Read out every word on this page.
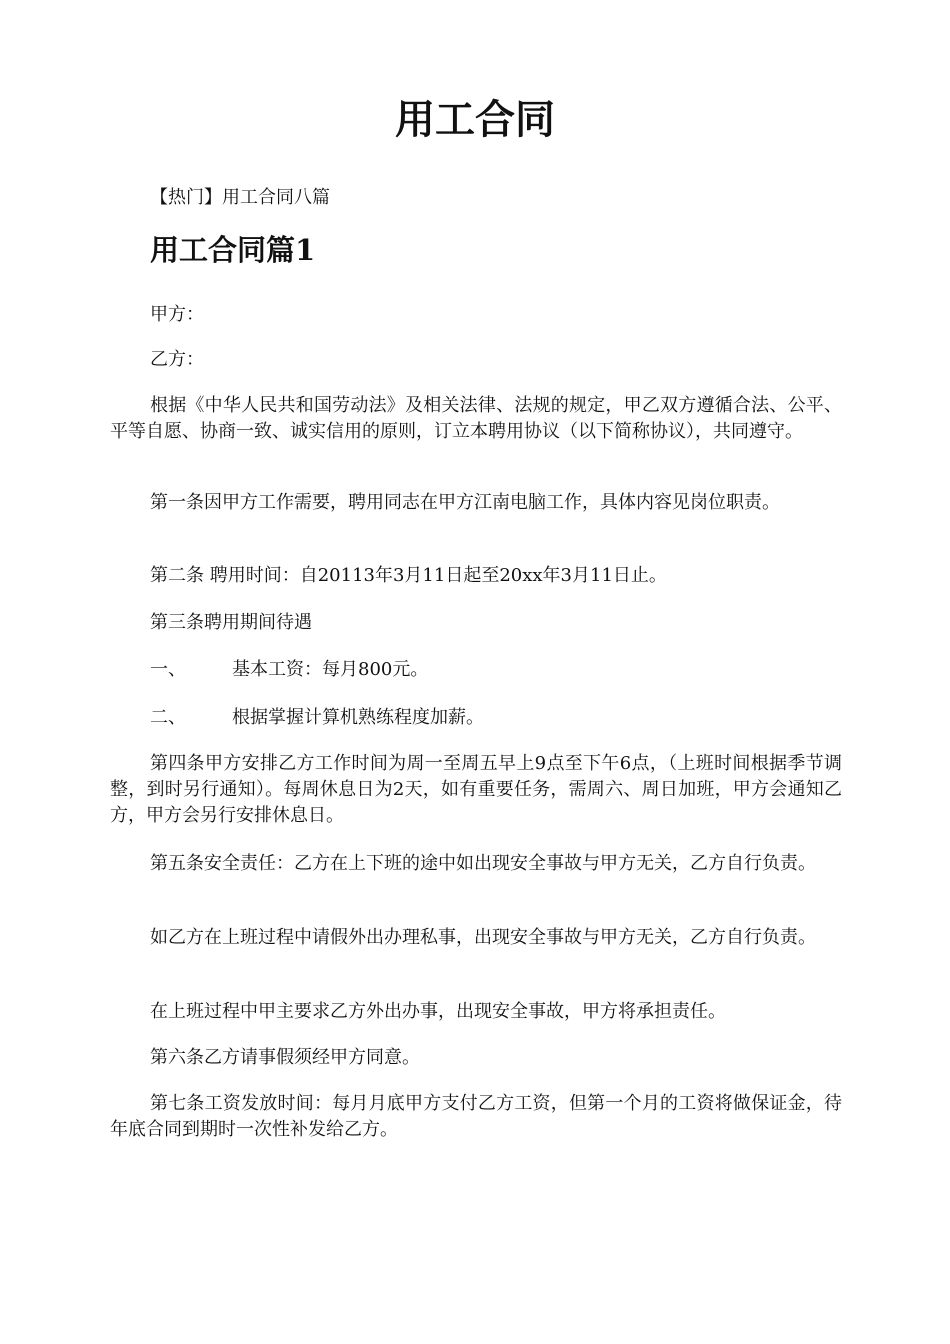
用工合同

【热门】用工合同八篇

用工合同篇1

甲方：

乙方：

根据《中华人民共和国劳动法》及相关法律、法规的规定，甲乙双方遵循合法、公平、平等自愿、协商一致、诚实信用的原则，订立本聘用协议（以下简称协议），共同遵守。

第一条因甲方工作需要，聘用同志在甲方江南电脑工作，具体内容见岗位职责。

第二条 聘用时间：自20113年3月11日起至20xx年3月11日止。

第三条聘用期间待遇

一、	基本工资：每月800元。

二、	根据掌握计算机熟练程度加薪。

第四条甲方安排乙方工作时间为周一至周五早上9点至下午6点，（上班时间根据季节调整，到时另行通知）。每周休息日为2天，如有重要任务，需周六、周日加班，甲方会通知乙方，甲方会另行安排休息日。

第五条安全责任：乙方在上下班的途中如出现安全事故与甲方无关，乙方自行负责。

如乙方在上班过程中请假外出办理私事，出现安全事故与甲方无关，乙方自行负责。

在上班过程中甲主要求乙方外出办事，出现安全事故，甲方将承担责任。

第六条乙方请事假须经甲方同意。

第七条工资发放时间：每月月底甲方支付乙方工资，但第一个月的工资将做保证金，待年底合同到期时一次性补发给乙方。
